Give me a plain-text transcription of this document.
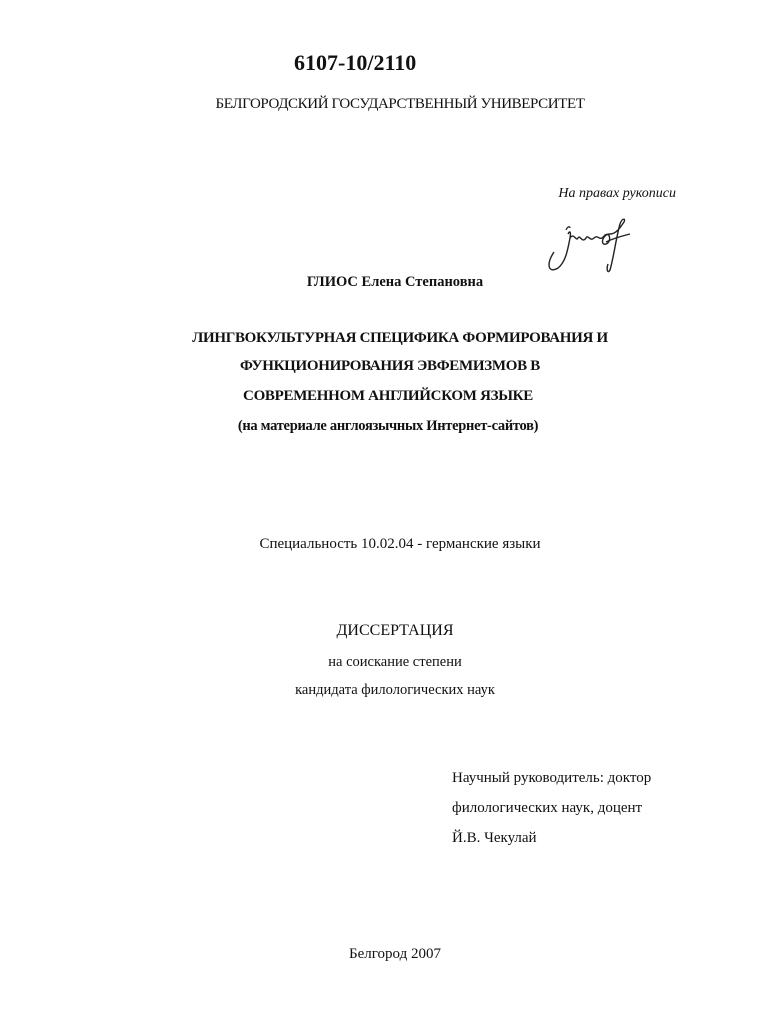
6107-10/2110
БЕЛГОРОДСКИЙ ГОСУДАРСТВЕННЫЙ УНИВЕРСИТЕТ
На правах рукописи
ГЛИОС Елена Степановна
ЛИНГВОКУЛЬТУРНАЯ СПЕЦИФИКА ФОРМИРОВАНИЯ И
ФУНКЦИОНИРОВАНИЯ ЭВФЕМИЗМОВ В
СОВРЕМЕННОМ АНГЛИЙСКОМ ЯЗЫКЕ
(на материале англоязычных Интернет-сайтов)
Специальность 10.02.04 - германские языки
ДИССЕРТАЦИЯ
на соискание степени
кандидата филологических наук
Научный руководитель: доктор
филологических наук, доцент
Й.В. Чекулай
Белгород 2007
